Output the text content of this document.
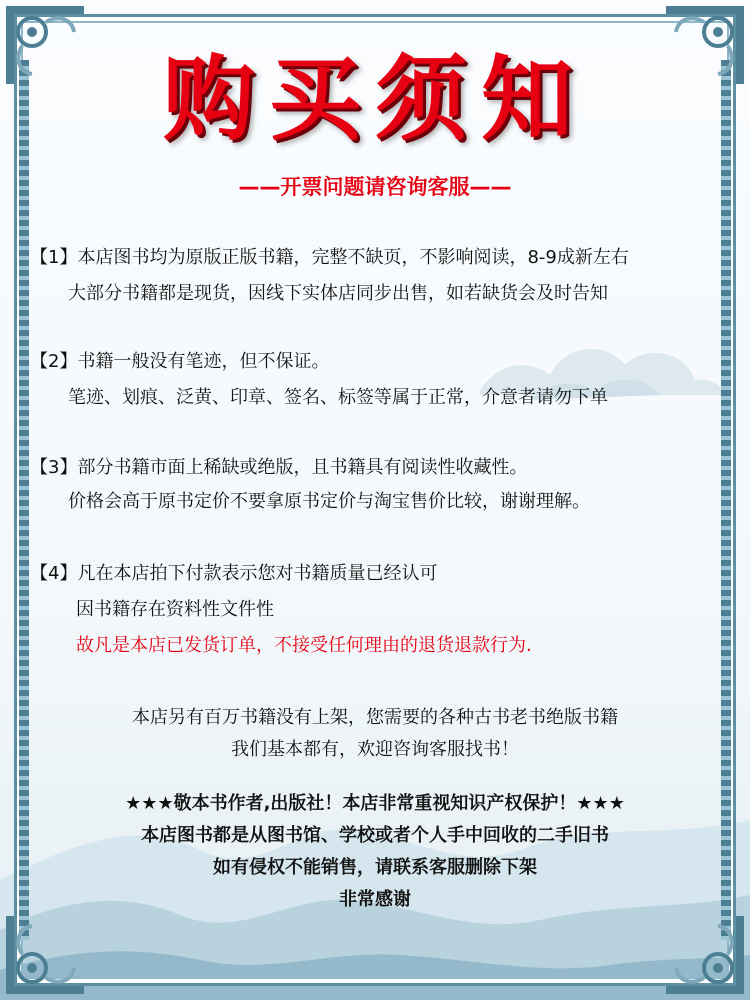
购买须知
——开票问题请咨询客服——
【1】本店图书均为原版正版书籍，完整不缺页，不影响阅读，8-9成新左右
大部分书籍都是现货，因线下实体店同步出售，如若缺货会及时告知
【2】书籍一般没有笔迹，但不保证。
笔迹、划痕、泛黄、印章、签名、标签等属于正常，介意者请勿下单
【3】部分书籍市面上稀缺或绝版，且书籍具有阅读性收藏性。
价格会高于原书定价不要拿原书定价与淘宝售价比较，谢谢理解。
【4】凡在本店拍下付款表示您对书籍质量已经认可
因书籍存在资料性文件性
故凡是本店已发货订单，不接受任何理由的退货退款行为.
本店另有百万书籍没有上架，您需要的各种古书老书绝版书籍
我们基本都有，欢迎咨询客服找书！
★★★敬本书作者,出版社！本店非常重视知识产权保护！★★★
本店图书都是从图书馆、学校或者个人手中回收的二手旧书
如有侵权不能销售，请联系客服删除下架
非常感谢
